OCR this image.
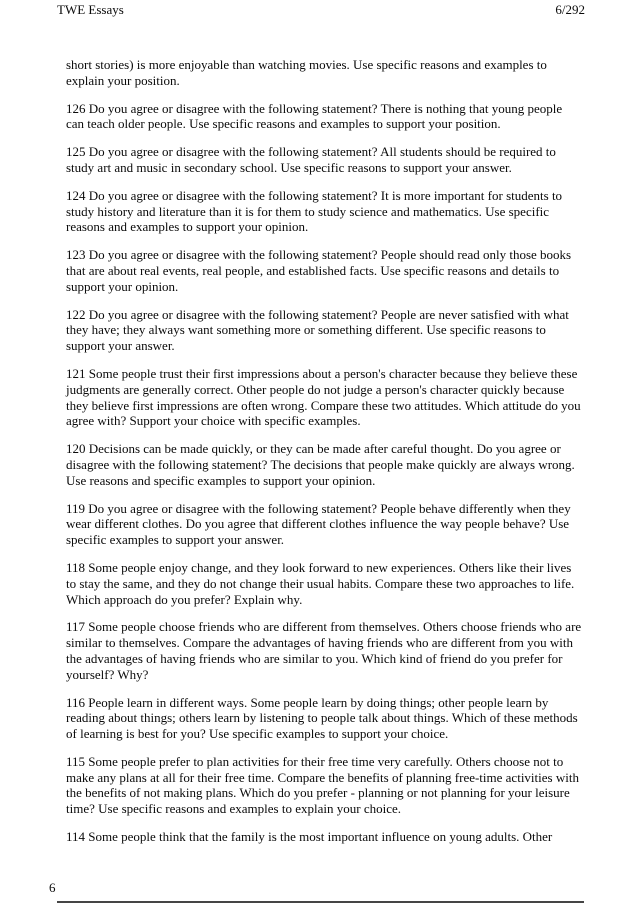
TWE Essays	6/292

short stories) is more enjoyable than watching movies. Use specific reasons and examples to explain your position.

126 Do you agree or disagree with the following statement? There is nothing that young people can teach older people. Use specific reasons and examples to support your position.

125 Do you agree or disagree with the following statement? All students should be required to study art and music in secondary school. Use specific reasons to support your answer.

124 Do you agree or disagree with the following statement? It is more important for students to study history and literature than it is for them to study science and mathematics. Use specific reasons and examples to support your opinion.

123 Do you agree or disagree with the following statement? People should read only those books that are about real events, real people, and established facts. Use specific reasons and details to support your opinion.

122 Do you agree or disagree with the following statement? People are never satisfied with what they have; they always want something more or something different. Use specific reasons to support your answer.

121 Some people trust their first impressions about a person's character because they believe these judgments are generally correct. Other people do not judge a person's character quickly because they believe first impressions are often wrong. Compare these two attitudes. Which attitude do you agree with? Support your choice with specific examples.

120 Decisions can be made quickly, or they can be made after careful thought. Do you agree or disagree with the following statement? The decisions that people make quickly are always wrong. Use reasons and specific examples to support your opinion.

119 Do you agree or disagree with the following statement? People behave differently when they wear different clothes. Do you agree that different clothes influence the way people behave? Use specific examples to support your answer.

118 Some people enjoy change, and they look forward to new experiences. Others like their lives to stay the same, and they do not change their usual habits. Compare these two approaches to life. Which approach do you prefer? Explain why.

117 Some people choose friends who are different from themselves. Others choose friends who are similar to themselves. Compare the advantages of having friends who are different from you with the advantages of having friends who are similar to you. Which kind of friend do you prefer for yourself? Why?

116 People learn in different ways. Some people learn by doing things; other people learn by reading about things; others learn by listening to people talk about things. Which of these methods of learning is best for you? Use specific examples to support your choice.

115 Some people prefer to plan activities for their free time very carefully. Others choose not to make any plans at all for their free time. Compare the benefits of planning free-time activities with the benefits of not making plans. Which do you prefer - planning or not planning for your leisure time? Use specific reasons and examples to explain your choice.

114 Some people think that the family is the most important influence on young adults. Other

6
